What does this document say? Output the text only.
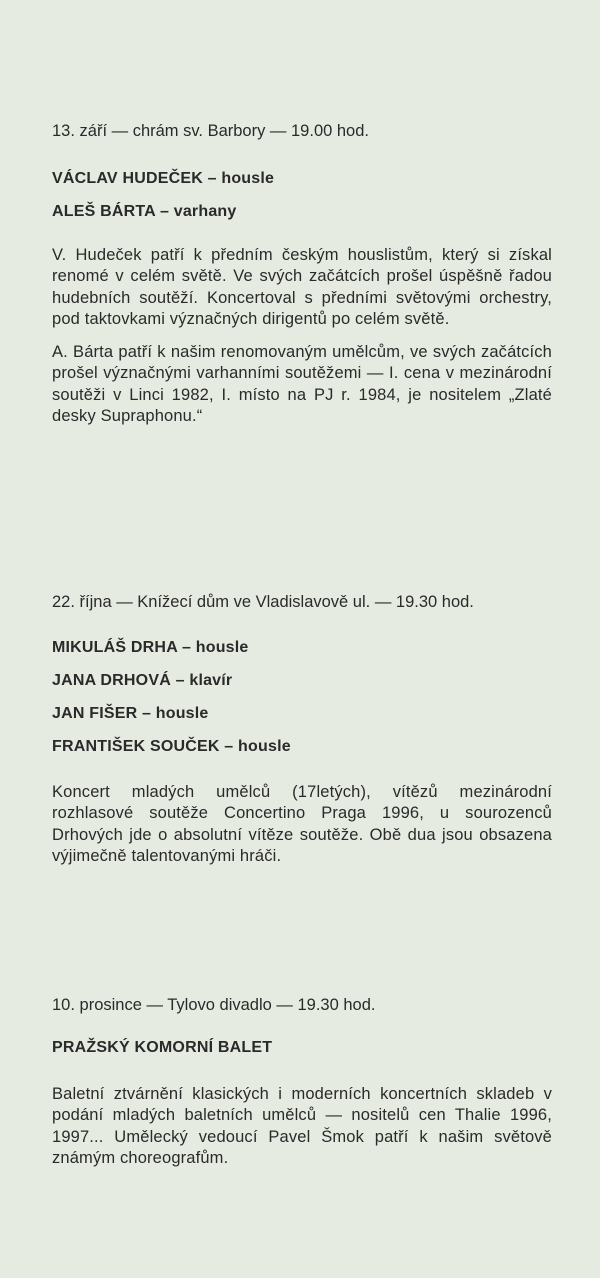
13. září — chrám sv. Barbory — 19.00 hod.

VÁCLAV HUDEČEK – housle

ALEŠ BÁRTA – varhany

V. Hudeček patří k předním českým houslistům, který si získal renomé v celém světě. Ve svých začátcích prošel úspěšně řadou hudebních soutěží. Koncertoval s předními světovými orchestry, pod taktovkami význačných dirigentů po celém světě.

A. Bárta patří k našim renomovaným umělcům, ve svých začátcích prošel význačnými varhanními soutěžemi — I. cena v mezinárodní soutěži v Linci 1982, I. místo na PJ r. 1984, je nositelem „Zlaté desky Supraphonu.“

22. října — Knížecí dům ve Vladislavově ul. — 19.30 hod.

MIKULÁŠ DRHA – housle

JANA DRHOVÁ – klavír

JAN FIŠER – housle

FRANTIŠEK SOUČEK – housle

Koncert mladých umělců (17letých), vítězů mezinárodní rozhlasové soutěže Concertino Praga 1996, u sourozenců Drhových jde o absolutní vítěze soutěže. Obě dua jsou obsazena výjimečně talentovanými hráči.

10. prosince — Tylovo divadlo — 19.30 hod.

PRAŽSKÝ KOMORNÍ BALET

Baletní ztvárnění klasických i moderních koncertních skladeb v podání mladých baletních umělců — nositelů cen Thalie 1996, 1997... Umělecký vedoucí Pavel Šmok patří k našim světově známým choreografům.
